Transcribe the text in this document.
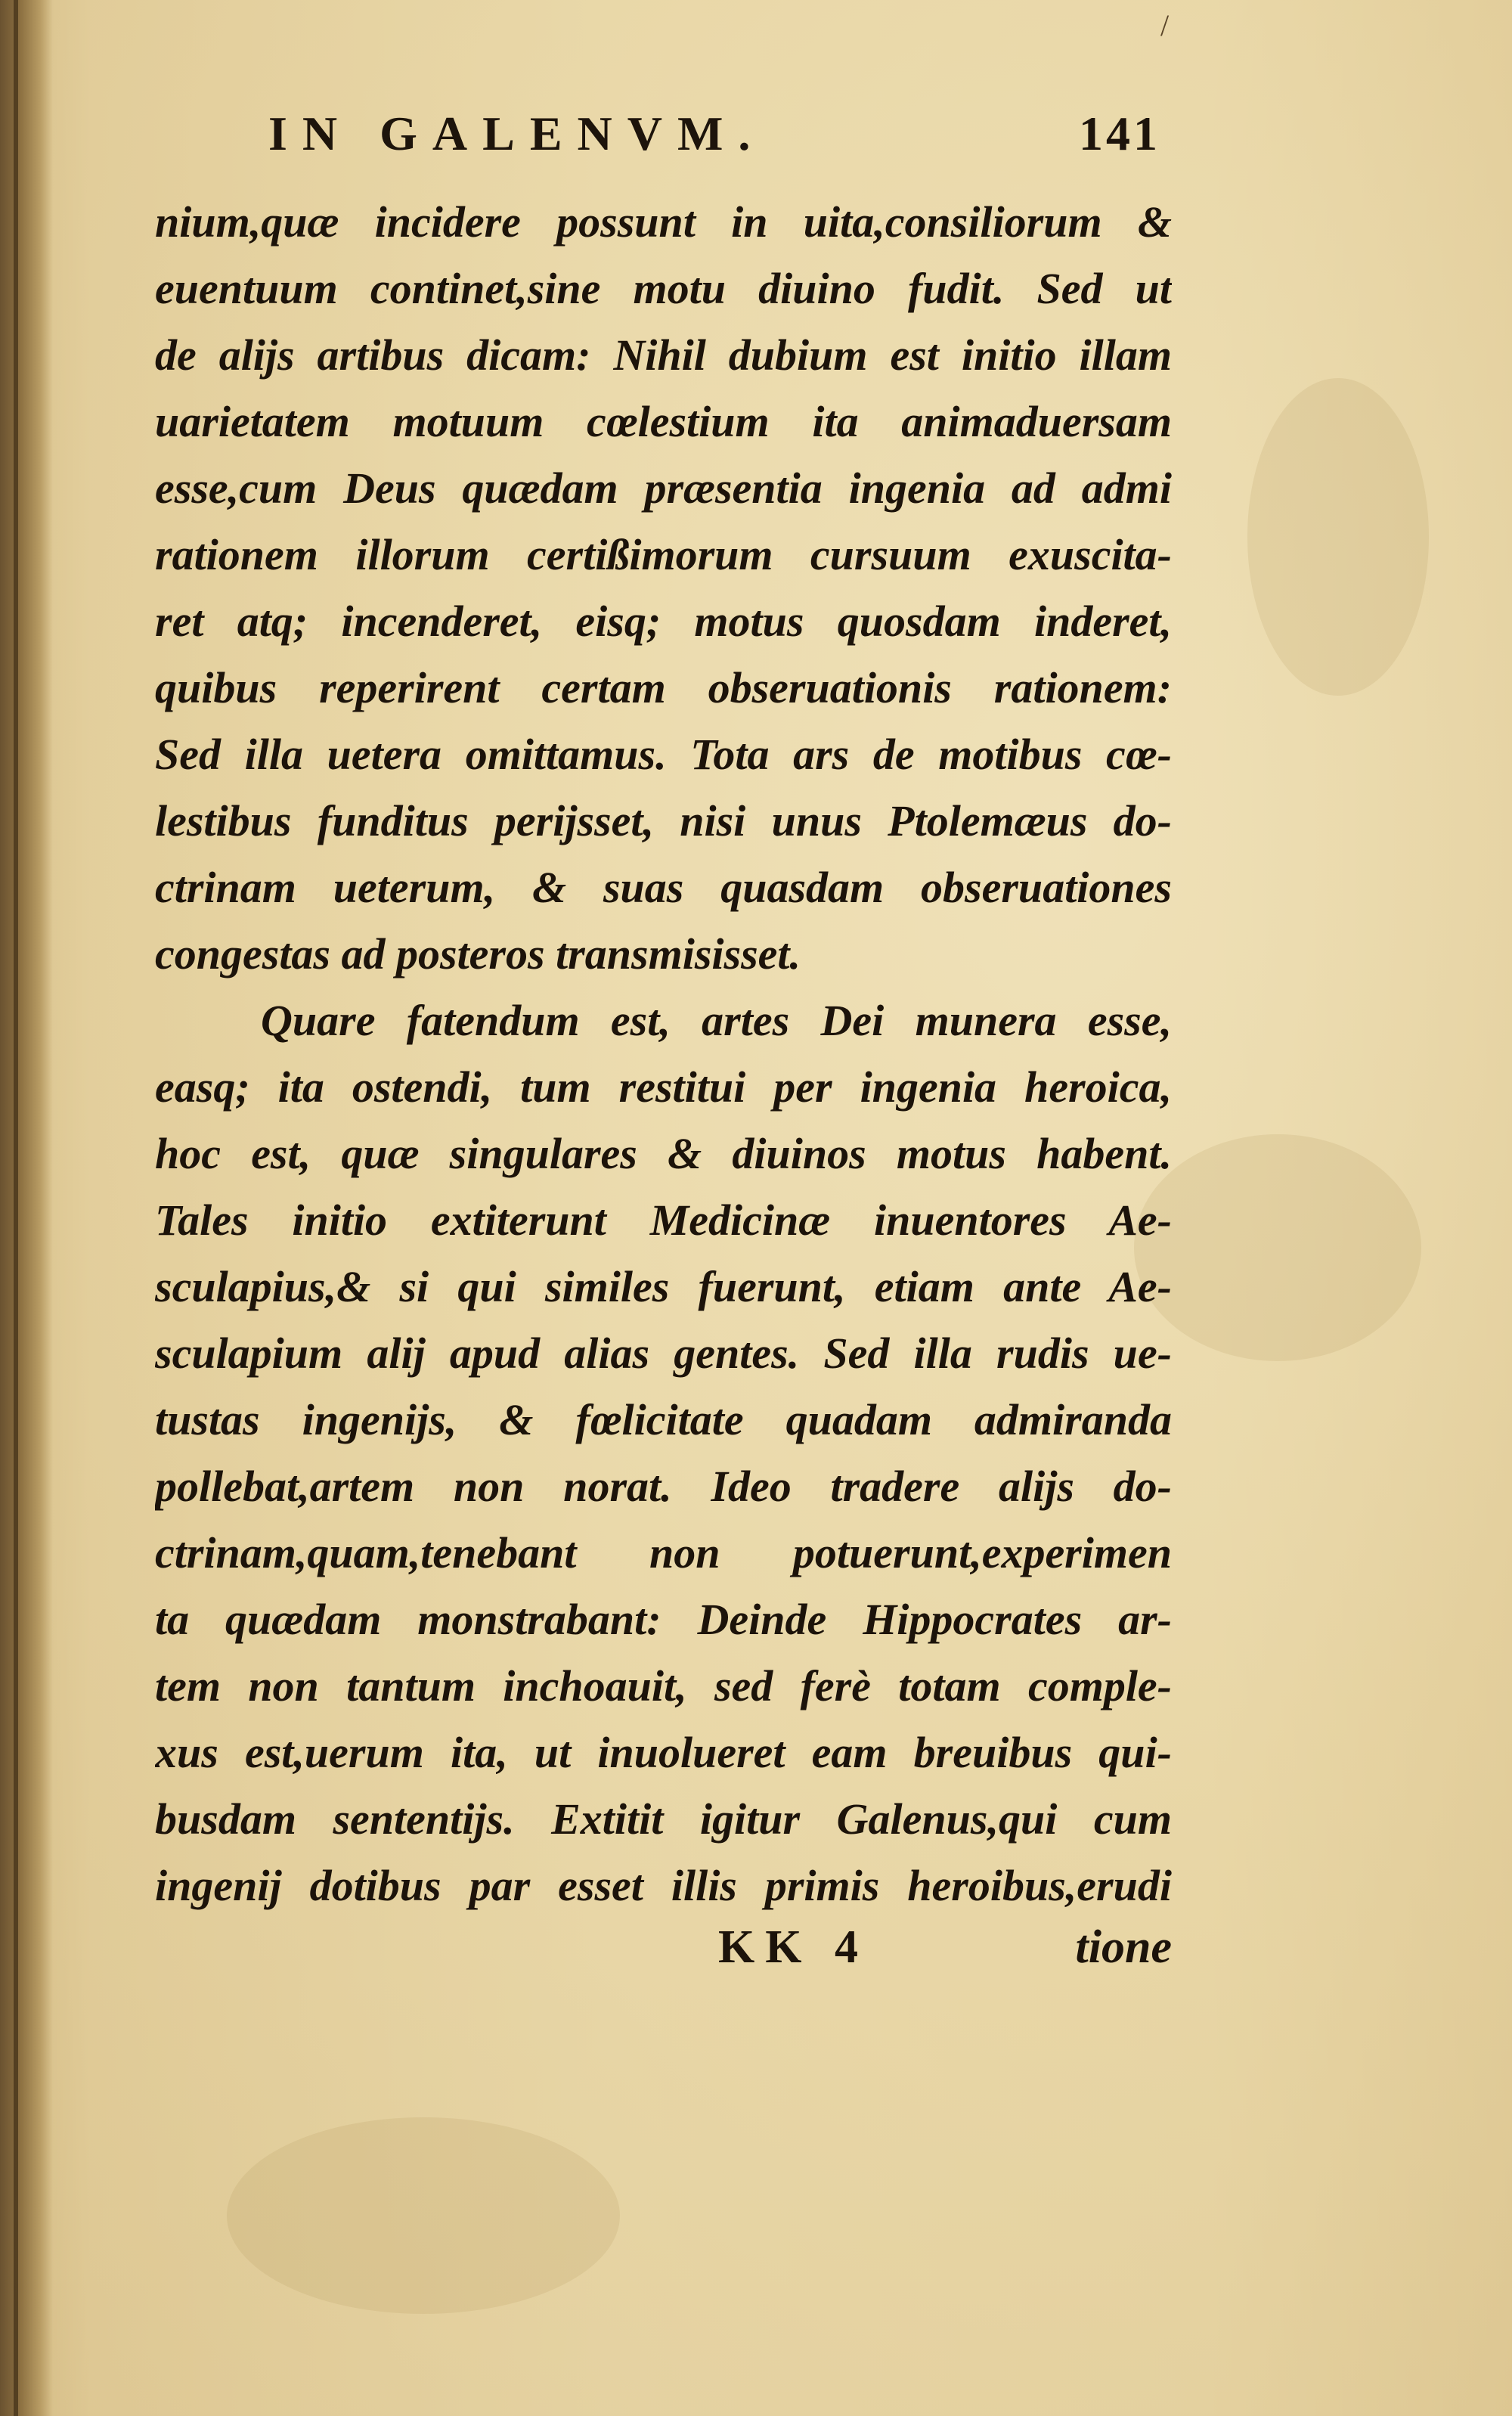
/
IN GALENVM.	141
nium,quæ incidere possunt in uita,consiliorum &
euentuum continet,sine motu diuino fudit. Sed ut
de alijs artibus dicam: Nihil dubium est initio illam
uarietatem motuum cœlestium ita animaduersam
esse,cum Deus quædam præsentia ingenia ad admi
rationem illorum certißimorum cursuum exuscita-
ret atq; incenderet, eisq; motus quosdam inderet,
quibus reperirent certam obseruationis rationem:
Sed illa uetera omittamus. Tota ars de motibus cœ-
lestibus funditus perijsset, nisi unus Ptolemæus do-
ctrinam ueterum, & suas quasdam obseruationes
congestas ad posteros transmisisset.
Quare fatendum est, artes Dei munera esse,
easq; ita ostendi, tum restitui per ingenia heroica,
hoc est, quæ singulares & diuinos motus habent.
Tales initio extiterunt Medicinæ inuentores Ae-
sculapius,& si qui similes fuerunt, etiam ante Ae-
sculapium alij apud alias gentes. Sed illa rudis ue-
tustas ingenijs, & fœlicitate quadam admiranda
pollebat,artem non norat. Ideo tradere alijs do-
ctrinam,quam,tenebant non potuerunt,experimen
ta quædam monstrabant: Deinde Hippocrates ar-
tem non tantum inchoauit, sed ferè totam comple-
xus est,uerum ita, ut inuolueret eam breuibus qui-
busdam sententijs. Extitit igitur Galenus,qui cum
ingenij dotibus par esset illis primis heroibus,erudi
KK 4	tione
